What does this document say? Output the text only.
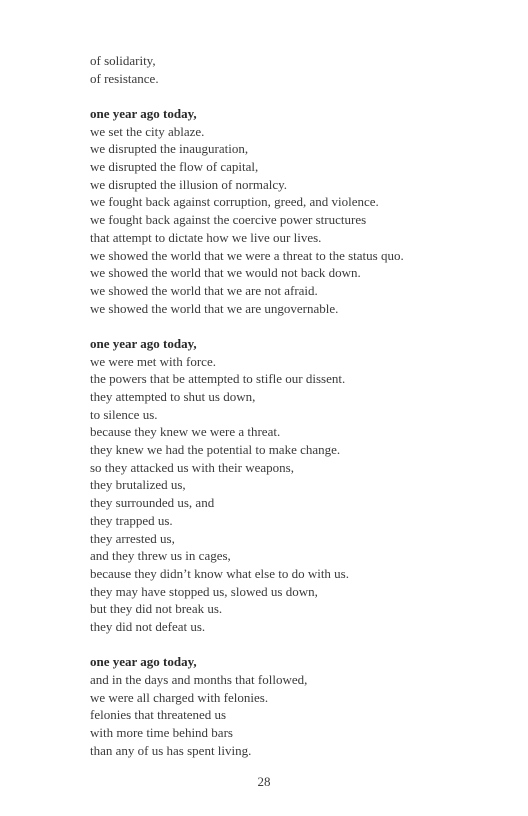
of solidarity,
of resistance.
one year ago today,
we set the city ablaze.
we disrupted the inauguration,
we disrupted the flow of capital,
we disrupted the illusion of normalcy.
we fought back against corruption, greed, and violence.
we fought back against the coercive power structures
that attempt to dictate how we live our lives.
we showed the world that we were a threat to the status quo.
we showed the world that we would not back down.
we showed the world that we are not afraid.
we showed the world that we are ungovernable.
one year ago today,
we were met with force.
the powers that be attempted to stifle our dissent.
they attempted to shut us down,
to silence us.
because they knew we were a threat.
they knew we had the potential to make change.
so they attacked us with their weapons,
they brutalized us,
they surrounded us, and
they trapped us.
they arrested us,
and they threw us in cages,
because they didn’t know what else to do with us.
they may have stopped us, slowed us down,
but they did not break us.
they did not defeat us.
one year ago today,
and in the days and months that followed,
we were all charged with felonies.
felonies that threatened us
with more time behind bars
than any of us has spent living.
28
